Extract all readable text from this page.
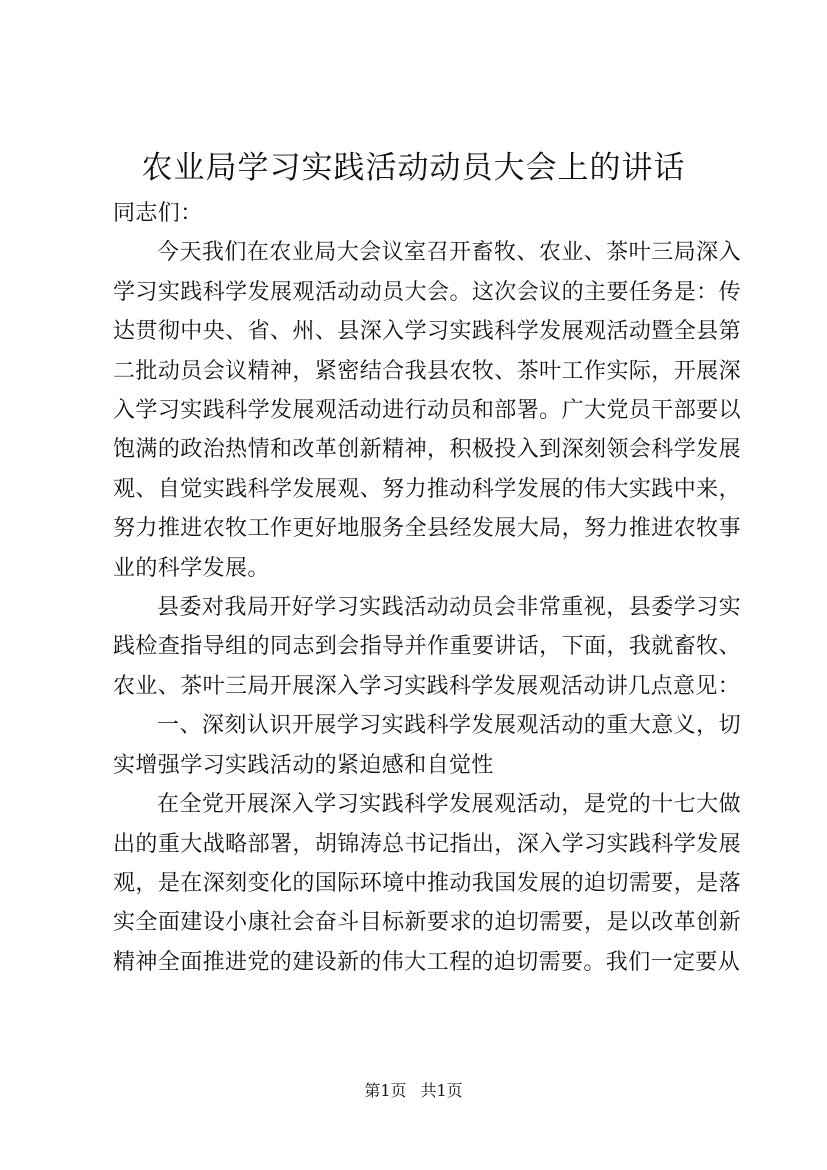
农业局学习实践活动动员大会上的讲话

同志们：

今天我们在农业局大会议室召开畜牧、农业、茶叶三局深入学习实践科学发展观活动动员大会。这次会议的主要任务是：传达贯彻中央、省、州、县深入学习实践科学发展观活动暨全县第二批动员会议精神，紧密结合我县农牧、茶叶工作实际，开展深入学习实践科学发展观活动进行动员和部署。广大党员干部要以饱满的政治热情和改革创新精神，积极投入到深刻领会科学发展观、自觉实践科学发展观、努力推动科学发展的伟大实践中来，努力推进农牧工作更好地服务全县经发展大局，努力推进农牧事业的科学发展。

县委对我局开好学习实践活动动员会非常重视，县委学习实践检查指导组的同志到会指导并作重要讲话，下面，我就畜牧、农业、茶叶三局开展深入学习实践科学发展观活动讲几点意见：

一、深刻认识开展学习实践科学发展观活动的重大意义，切实增强学习实践活动的紧迫感和自觉性

在全党开展深入学习实践科学发展观活动，是党的十七大做出的重大战略部署，胡锦涛总书记指出，深入学习实践科学发展观，是在深刻变化的国际环境中推动我国发展的迫切需要，是落实全面建设小康社会奋斗目标新要求的迫切需要，是以改革创新精神全面推进党的建设新的伟大工程的迫切需要。我们一定要从

第1页 共1页
